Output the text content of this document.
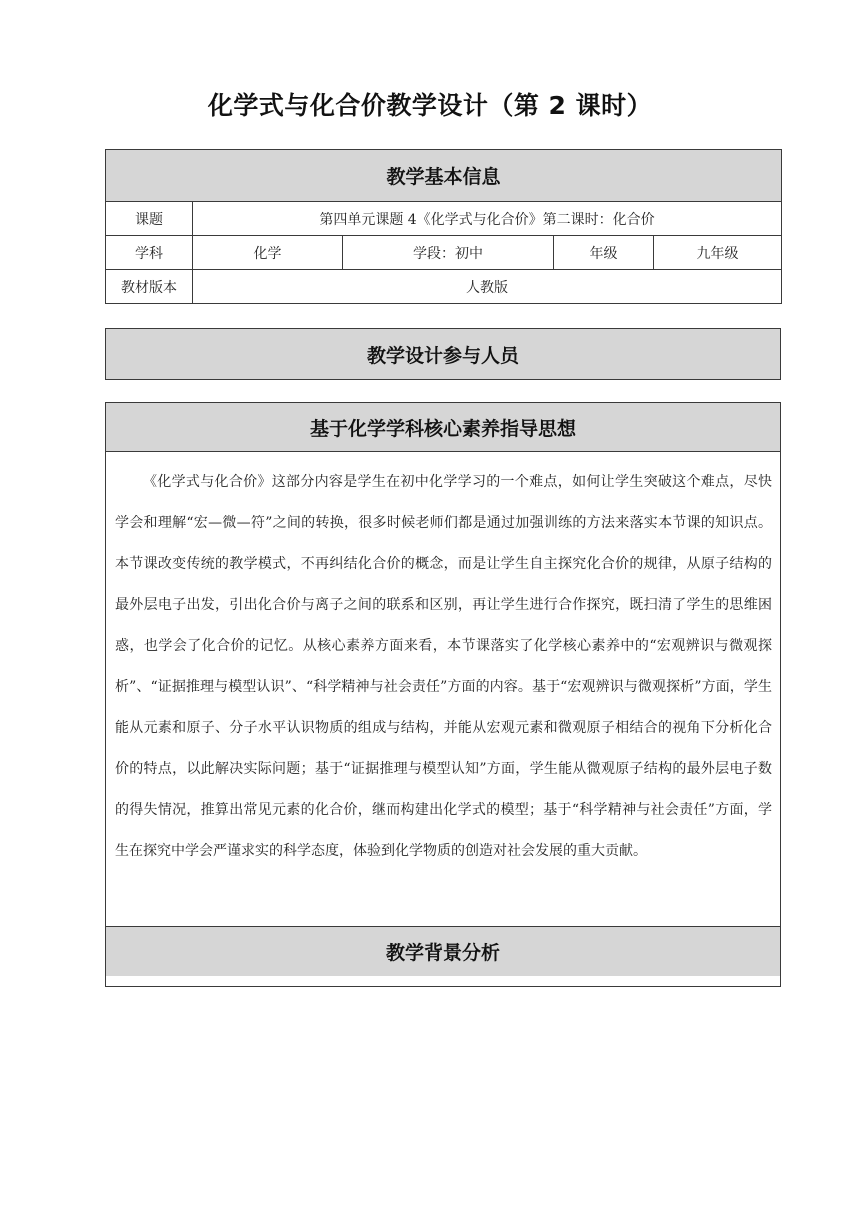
化学式与化合价教学设计（第 2 课时）
教学基本信息				
课题	第四单元课题 4《化学式与化合价》第二课时：化合价			
学科	化学	学段：初中	年级	九年级
教材版本	人教版			
教学设计参与人员
基于化学学科核心素养指导思想
《化学式与化合价》这部分内容是学生在初中化学学习的一个难点，如何让学生突破这个难点，尽快学会和理解“宏—微—符”之间的转换，很多时候老师们都是通过加强训练的方法来落实本节课的知识点。本节课改变传统的教学模式，不再纠结化合价的概念，而是让学生自主探究化合价的规律，从原子结构的最外层电子出发，引出化合价与离子之间的联系和区别，再让学生进行合作探究，既扫清了学生的思维困惑，也学会了化合价的记忆。从核心素养方面来看，本节课落实了化学核心素养中的“宏观辨识与微观探析”、“证据推理与模型认识”、“科学精神与社会责任”方面的内容。基于“宏观辨识与微观探析”方面，学生能从元素和原子、分子水平认识物质的组成与结构，并能从宏观元素和微观原子相结合的视角下分析化合价的特点，以此解决实际问题；基于“证据推理与模型认知”方面，学生能从微观原子结构的最外层电子数的得失情况，推算出常见元素的化合价，继而构建出化学式的模型；基于“科学精神与社会责任”方面，学生在探究中学会严谨求实的科学态度，体验到化学物质的创造对社会发展的重大贡献。
教学背景分析
